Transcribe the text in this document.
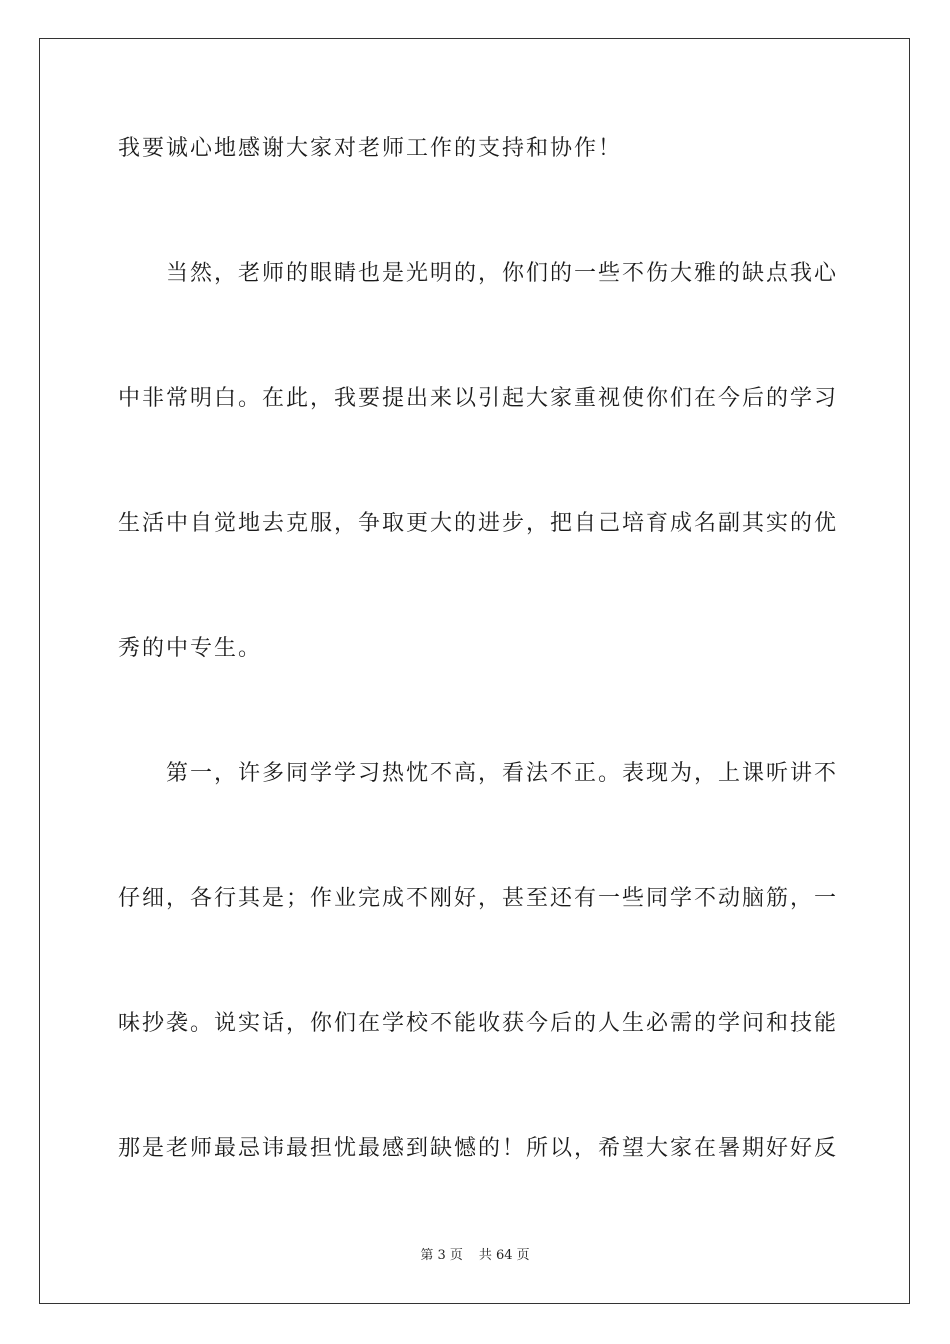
我要诚心地感谢大家对老师工作的支持和协作！
当然，老师的眼睛也是光明的，你们的一些不伤大雅的缺点我心
中非常明白。在此，我要提出来以引起大家重视使你们在今后的学习
生活中自觉地去克服，争取更大的进步，把自己培育成名副其实的优
秀的中专生。
第一，许多同学学习热忱不高，看法不正。表现为，上课听讲不
仔细，各行其是；作业完成不刚好，甚至还有一些同学不动脑筋，一
味抄袭。说实话，你们在学校不能收获今后的人生必需的学问和技能
那是老师最忌讳最担忧最感到缺憾的！所以，希望大家在暑期好好反
第 3 页 共 64 页
